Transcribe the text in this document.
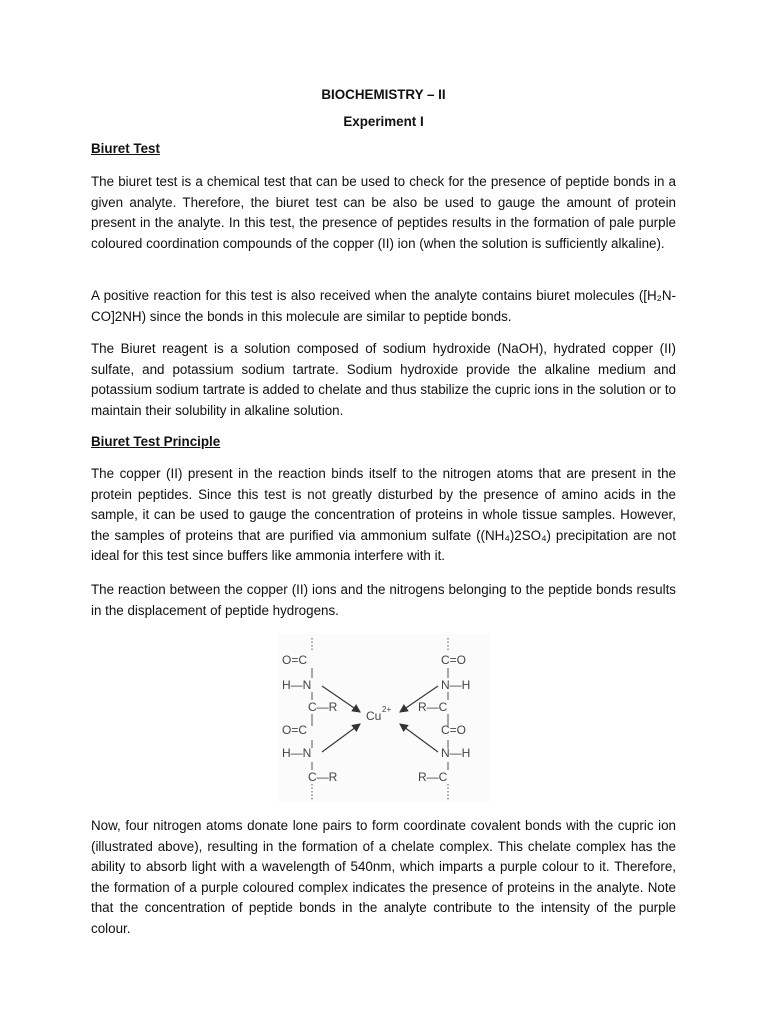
BIOCHEMISTRY – II
Experiment I
Biuret Test

The biuret test is a chemical test that can be used to check for the presence of peptide bonds in a given analyte. Therefore, the biuret test can be also be used to gauge the amount of protein present in the analyte. In this test, the presence of peptides results in the formation of pale purple coloured coordination compounds of the copper (II) ion (when the solution is sufficiently alkaline).

A positive reaction for this test is also received when the analyte contains biuret molecules ([H₂N-CO]2NH) since the bonds in this molecule are similar to peptide bonds.

The Biuret reagent is a solution composed of sodium hydroxide (NaOH), hydrated copper (II) sulfate, and potassium sodium tartrate. Sodium hydroxide provide the alkaline medium and potassium sodium tartrate is added to chelate and thus stabilize the cupric ions in the solution or to maintain their solubility in alkaline solution.

Biuret Test Principle

The copper (II) present in the reaction binds itself to the nitrogen atoms that are present in the protein peptides. Since this test is not greatly disturbed by the presence of amino acids in the sample, it can be used to gauge the concentration of proteins in whole tissue samples. However, the samples of proteins that are purified via ammonium sulfate ((NH₄)2SO₄) precipitation are not ideal for this test since buffers like ammonia interfere with it.

The reaction between the copper (II) ions and the nitrogens belonging to the peptide bonds results in the displacement of peptide hydrogens.

Now, four nitrogen atoms donate lone pairs to form coordinate covalent bonds with the cupric ion (illustrated above), resulting in the formation of a chelate complex. This chelate complex has the ability to absorb light with a wavelength of 540nm, which imparts a purple colour to it. Therefore, the formation of a purple coloured complex indicates the presence of proteins in the analyte. Note that the concentration of peptide bonds in the analyte contribute to the intensity of the purple colour.

O=C
H—N
C—R
O=C
H—N
C—R
C=O
N—H
R—C
C=O
N—H
R—C
Cu 2+
